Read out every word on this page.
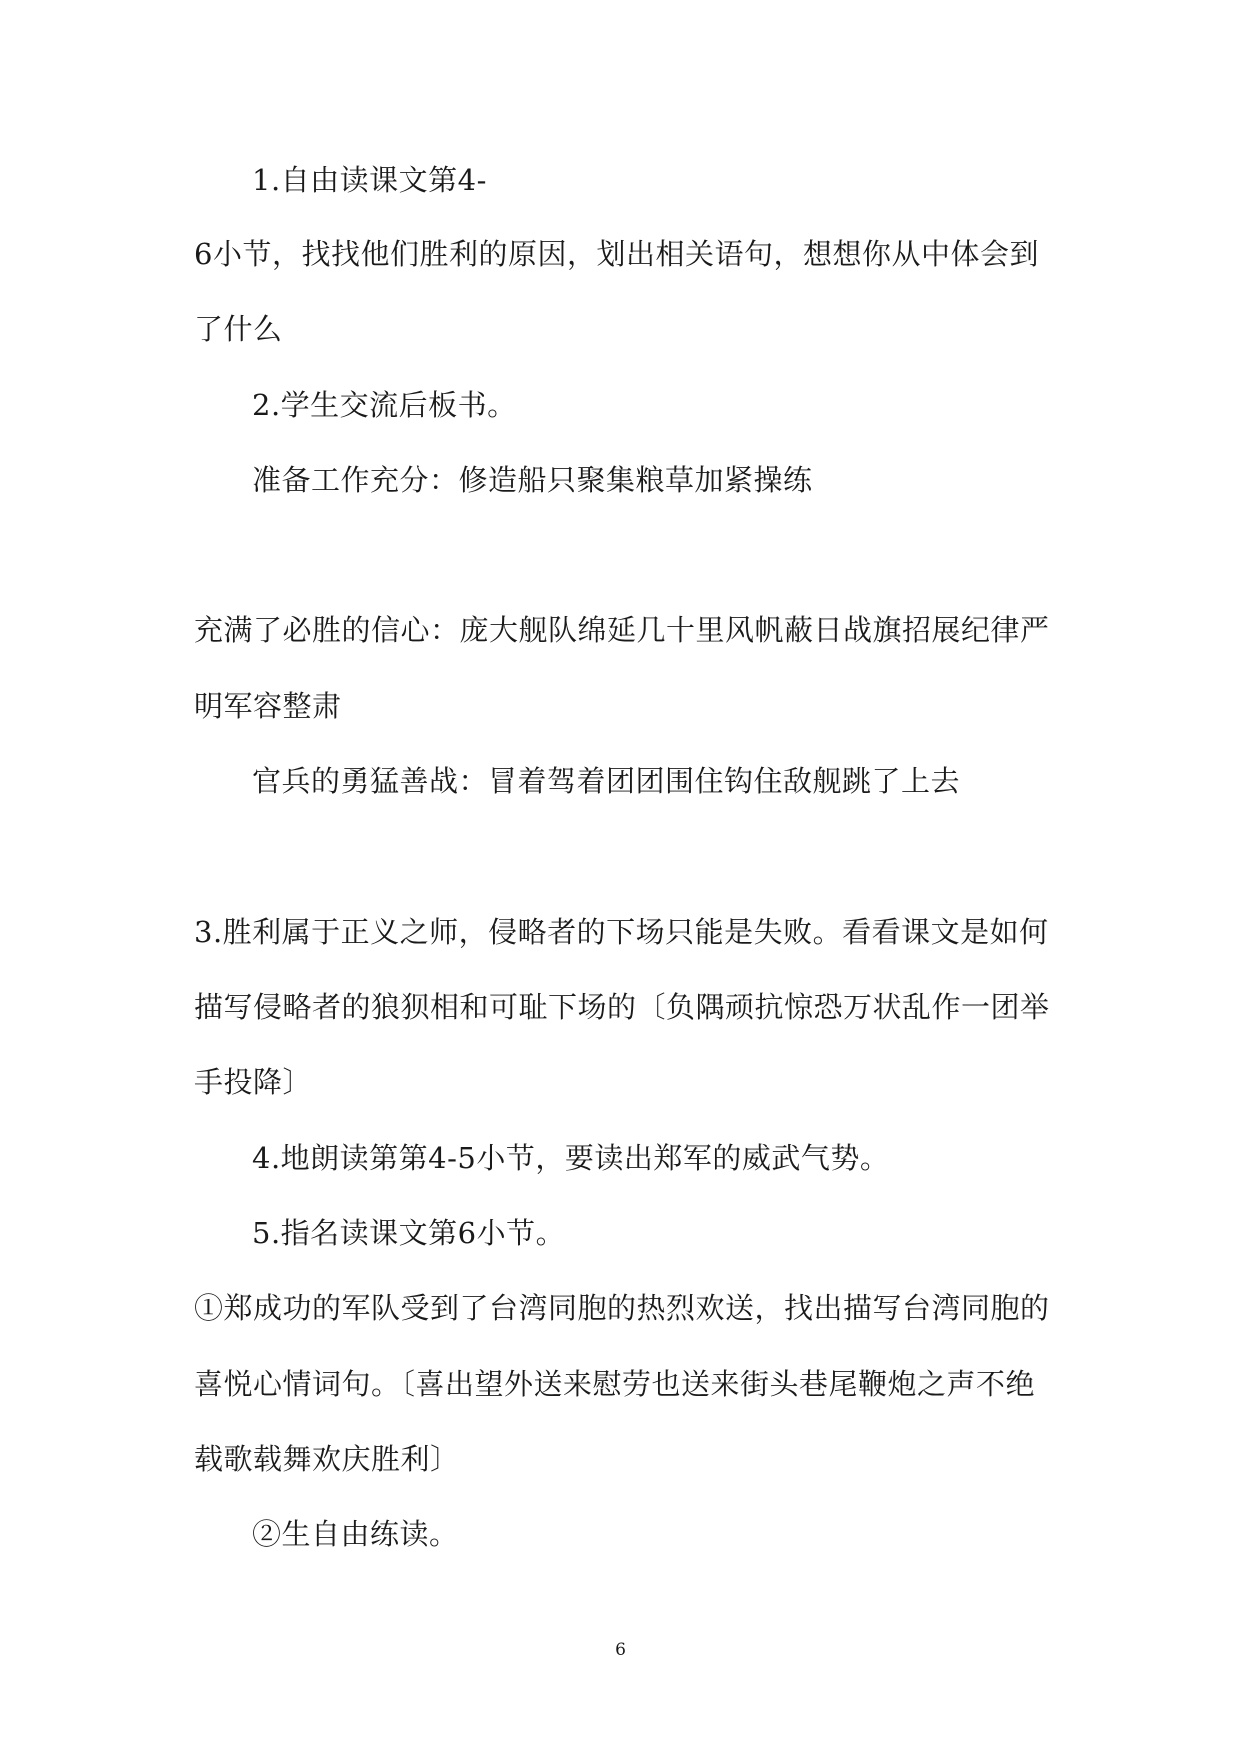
1.自由读课文第4-

6小节，找找他们胜利的原因，划出相关语句，想想你从中体会到

了什么

2.学生交流后板书。

准备工作充分：修造船只聚集粮草加紧操练

充满了必胜的信心：庞大舰队绵延几十里风帆蔽日战旗招展纪律严

明军容整肃

官兵的勇猛善战：冒着驾着团团围住钩住敌舰跳了上去

3.胜利属于正义之师，侵略者的下场只能是失败。看看课文是如何

描写侵略者的狼狈相和可耻下场的〔负隅顽抗惊恐万状乱作一团举

手投降〕

4.地朗读第第4-5小节，要读出郑军的威武气势。

5.指名读课文第6小节。

①郑成功的军队受到了台湾同胞的热烈欢送，找出描写台湾同胞的

喜悦心情词句。〔喜出望外送来慰劳也送来街头巷尾鞭炮之声不绝

载歌载舞欢庆胜利〕

②生自由练读。

6
